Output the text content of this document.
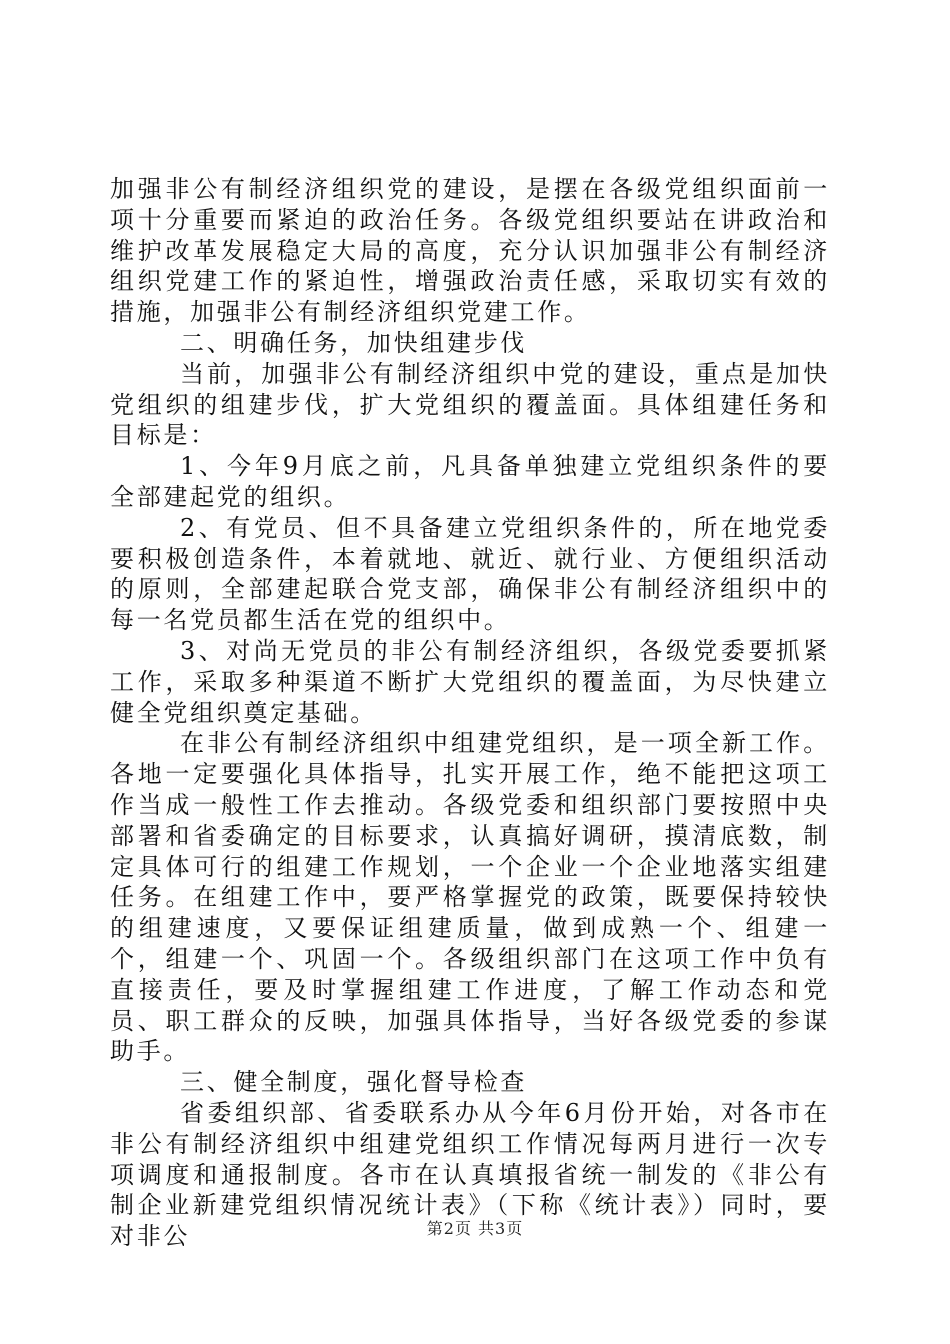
加强非公有制经济组织党的建设，是摆在各级党组织面前一项十分重要而紧迫的政治任务。各级党组织要站在讲政治和维护改革发展稳定大局的高度，充分认识加强非公有制经济组织党建工作的紧迫性，增强政治责任感，采取切实有效的措施，加强非公有制经济组织党建工作。

二、明确任务，加快组建步伐

当前，加强非公有制经济组织中党的建设，重点是加快党组织的组建步伐，扩大党组织的覆盖面。具体组建任务和目标是：

1、今年9月底之前，凡具备单独建立党组织条件的要全部建起党的组织。

2、有党员、但不具备建立党组织条件的，所在地党委要积极创造条件，本着就地、就近、就行业、方便组织活动的原则，全部建起联合党支部，确保非公有制经济组织中的每一名党员都生活在党的组织中。

3、对尚无党员的非公有制经济组织，各级党委要抓紧工作，采取多种渠道不断扩大党组织的覆盖面，为尽快建立健全党组织奠定基础。

在非公有制经济组织中组建党组织，是一项全新工作。各地一定要强化具体指导，扎实开展工作，绝不能把这项工作当成一般性工作去推动。各级党委和组织部门要按照中央部署和省委确定的目标要求，认真搞好调研，摸清底数，制定具体可行的组建工作规划，一个企业一个企业地落实组建任务。在组建工作中，要严格掌握党的政策，既要保持较快的组建速度，又要保证组建质量，做到成熟一个、组建一个，组建一个、巩固一个。各级组织部门在这项工作中负有直接责任，要及时掌握组建工作进度，了解工作动态和党员、职工群众的反映，加强具体指导，当好各级党委的参谋助手。

三、健全制度，强化督导检查

省委组织部、省委联系办从今年6月份开始，对各市在非公有制经济组织中组建党组织工作情况每两月进行一次专项调度和通报制度。各市在认真填报省统一制发的《非公有制企业新建党组织情况统计表》（下称《统计表》）同时，要对非公	第2页 共3页
